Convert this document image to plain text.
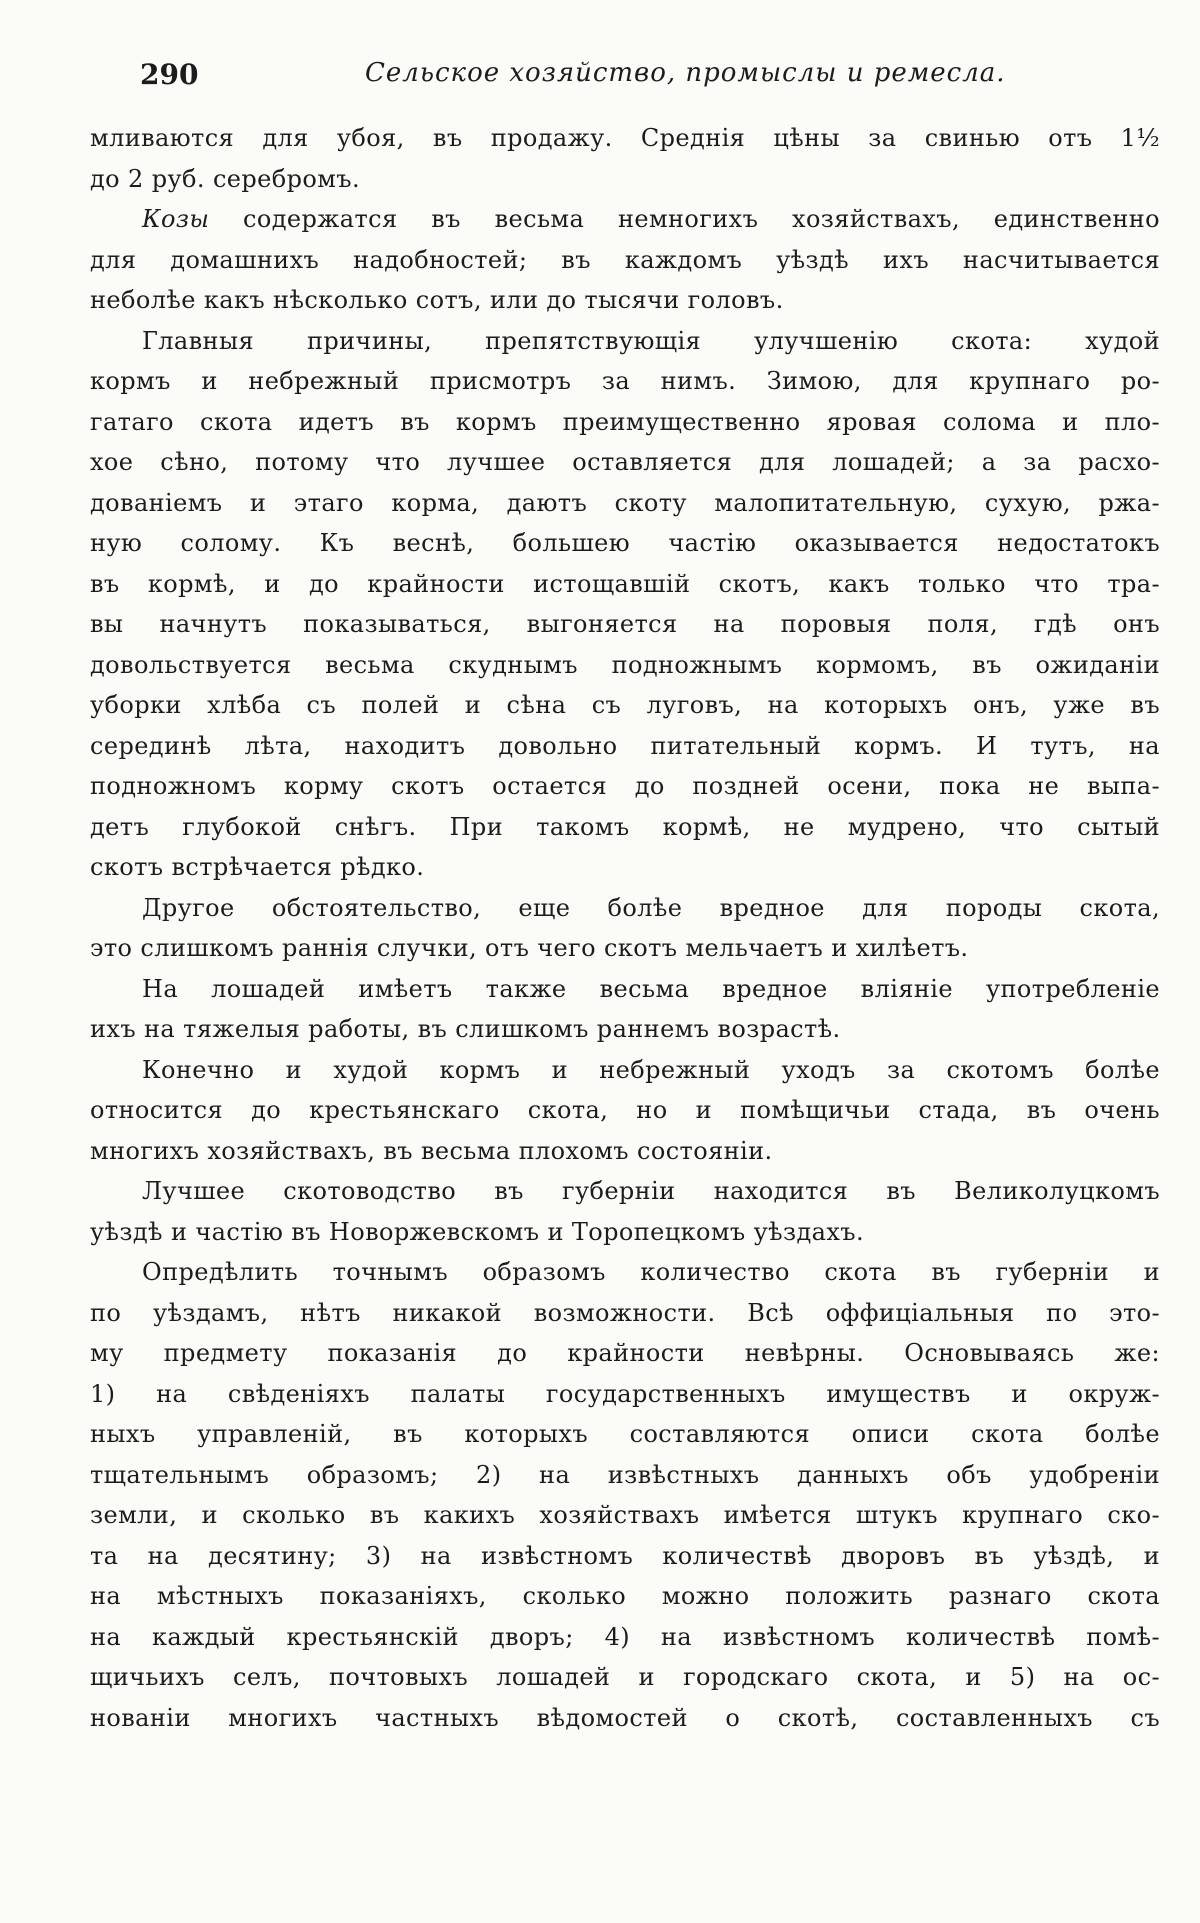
290	Сельское хозяйство, промыслы и ремесла.
мливаются для убоя, въ продажу. Среднія цѣны за свинью отъ 1½
до 2 руб. серебромъ.
Козы содержатся въ весьма немногихъ хозяйствахъ, единственно
для домашнихъ надобностей; въ каждомъ уѣздѣ ихъ насчитывается
неболѣе какъ нѣсколько сотъ, или до тысячи головъ.
Главныя причины, препятствующія улучшенію скота: худой
кормъ и небрежный присмотръ за нимъ. Зимою, для крупнаго ро-
гатаго скота идетъ въ кормъ преимущественно яровая солома и пло-
хое сѣно, потому что лучшее оставляется для лошадей; а за расхо-
дованіемъ и этаго корма, даютъ скоту малопитательную, сухую, ржа-
ную солому. Къ веснѣ, большею частію оказывается недостатокъ
въ кормѣ, и до крайности истощавшій скотъ, какъ только что тра-
вы начнутъ показываться, выгоняется на поровыя поля, гдѣ онъ
довольствуется весьма скуднымъ подножнымъ кормомъ, въ ожиданіи
уборки хлѣба съ полей и сѣна съ луговъ, на которыхъ онъ, уже въ
серединѣ лѣта, находитъ довольно питательный кормъ. И тутъ, на
подножномъ корму скотъ остается до поздней осени, пока не выпа-
детъ глубокой снѣгъ. При такомъ кормѣ, не мудрено, что сытый
скотъ встрѣчается рѣдко.
Другое обстоятельство, еще болѣе вредное для породы скота,
это слишкомъ раннія случки, отъ чего скотъ мельчаетъ и хилѣетъ.
На лошадей имѣетъ также весьма вредное вліяніе употребленіе
ихъ на тяжелыя работы, въ слишкомъ раннемъ возрастѣ.
Конечно и худой кормъ и небрежный уходъ за скотомъ болѣе
относится до крестьянскаго скота, но и помѣщичьи стада, въ очень
многихъ хозяйствахъ, въ весьма плохомъ состояніи.
Лучшее скотоводство въ губерніи находится въ Великолуцкомъ
уѣздѣ и частію въ Новоржевскомъ и Торопецкомъ уѣздахъ.
Опредѣлить точнымъ образомъ количество скота въ губерніи и
по уѣздамъ, нѣтъ никакой возможности. Всѣ оффиціальныя по это-
му предмету показанія до крайности невѣрны. Основываясь же:
1) на свѣденіяхъ палаты государственныхъ имуществъ и окруж-
ныхъ управленій, въ которыхъ составляются описи скота болѣе
тщательнымъ образомъ; 2) на извѣстныхъ данныхъ объ удобреніи
земли, и сколько въ какихъ хозяйствахъ имѣется штукъ крупнаго ско-
та на десятину; 3) на извѣстномъ количествѣ дворовъ въ уѣздѣ, и
на мѣстныхъ показаніяхъ, сколько можно положить разнаго скота
на каждый крестьянскій дворъ; 4) на извѣстномъ количествѣ помѣ-
щичьихъ селъ, почтовыхъ лошадей и городскаго скота, и 5) на ос-
нованіи многихъ частныхъ вѣдомостей о скотѣ, составленныхъ съ
